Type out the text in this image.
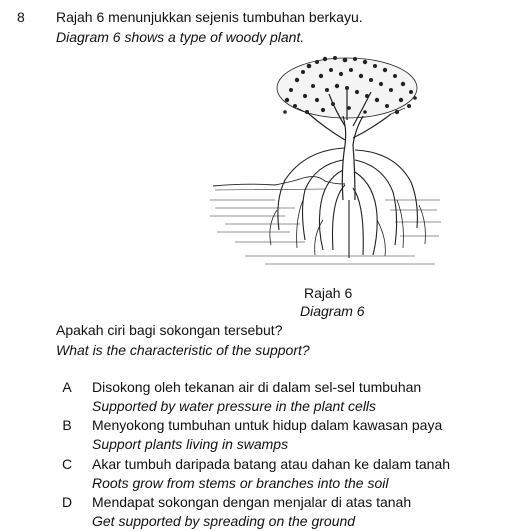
8 Rajah 6 menunjukkan sejenis tumbuhan berkayu.
Diagram 6 shows a type of woody plant.
Rajah 6
Diagram 6
Apakah ciri bagi sokongan tersebut?
What is the characteristic of the support?
A Disokong oleh tekanan air di dalam sel-sel tumbuhan
Supported by water pressure in the plant cells
B Menyokong tumbuhan untuk hidup dalam kawasan paya
Support plants living in swamps
C Akar tumbuh daripada batang atau dahan ke dalam tanah
Roots grow from stems or branches into the soil
D Mendapat sokongan dengan menjalar di atas tanah
Get supported by spreading on the ground
